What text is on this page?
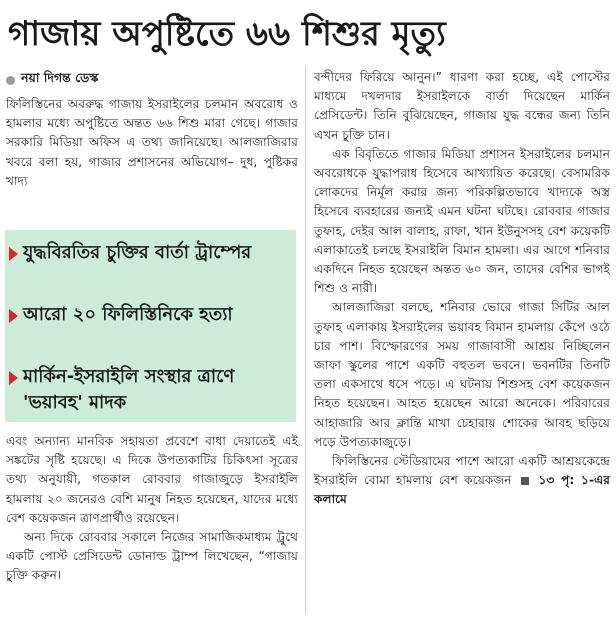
গাজায় অপুষ্টিতে ৬৬ শিশুর মৃত্যু
নয়া দিগন্ত ডেস্ক

ফিলিস্তিনের অবরুদ্ধ গাজায় ইসরাইলের চলমান অবরোধ ও হামলার মধ্যে অপুষ্টিতে অন্তত ৬৬ শিশু মারা গেছে। গাজার সরকারি মিডিয়া অফিস এ তথ্য জানিয়েছে। আলজাজিরার খবরে বলা হয়, গাজার প্রশাসনের অভিযোগ– দুধ, পুষ্টিকর খাদ্য

যুদ্ধবিরতির চুক্তির বার্তা ট্রাম্পের
আরো ২০ ফিলিস্তিনিকে হত্যা
মার্কিন-ইসরাইলি সংস্থার ত্রাণে 'ভয়াবহ' মাদক

এবং অন্যান্য মানবিক সহায়তা প্রবেশে বাধা দেয়াতেই এই সঙ্কটের সৃষ্টি হয়েছে। এ দিকে উপত্যকাটির চিকিৎসা সূত্রের তথ্য অনুযায়ী, গতকাল রোববার গাজাজুড়ে ইসরাইলি হামলায় ২০ জনেরও বেশি মানুষ নিহত হয়েছেন, যাদের মধ্যে বেশ কয়েকজন ত্রাণপ্রার্থীও রয়েছেন।

অন্য দিকে রোববার সকালে নিজের সামাজিকমাধ্যম ট্রুথে একটি পোস্ট প্রেসিডেন্ট ডোনাল্ড ট্রাম্প লিখেছেন, “গাজায় চুক্তি করুন।

বন্দীদের ফিরিয়ে আনুন।” ধারণা করা হচ্ছে, এই পোস্টের মাধ্যমে দখলদার ইসরাইলকে বার্তা দিয়েছেন মার্কিন প্রেসিডেন্ট। তিনি বুঝিয়েছেন, গাজায় যুদ্ধ বন্ধের জন্য তিনি এখন চুক্তি চান।

এক বিবৃতিতে গাজার মিডিয়া প্রশাসন ইসরাইলের চলমান অবরোধকে যুদ্ধাপরাধ হিসেবে আখ্যায়িত করেছে। বেসামরিক লোকদের নির্মূল করার জন্য পরিকল্পিতভাবে খাদ্যকে অস্ত্র হিসেবে ব্যবহারের জন্যই এমন ঘটনা ঘটছে। রোববার গাজার তুফাহ, দেইর আল বালাহ, রাফা, খান ইউনুসসহ বেশ কয়েকটি এলাকাতেই চলছে ইসরাইলি বিমান হামলা। এর আগে শনিবার একদিনে নিহত হয়েছেন অন্তত ৬০ জন, তাদের বেশির ভাগই শিশু ও নারী।

আলজাজিরা বলছে, শনিবার ভোরে গাজা সিটির আল তুফাহ এলাকায় ইসরাইলের ভয়াবহ বিমান হামলায় কেঁপে ওঠে চার পাশ। বিস্ফোরণের সময় গাজাবাসী আশ্রয় নিচ্ছিলেন জাফা স্কুলের পাশে একটি বহুতল ভবনে। ভবনটির তিনটি তলা একসাথে ধসে পড়ে। এ ঘটনায় শিশুসহ বেশ কয়েকজন নিহত হয়েছেন। আহত হয়েছেন আরো অনেকে। পরিবারের আহাজারি আর ক্লান্তি মাখা চেহারায় শোকের আবহ ছড়িয়ে পড়ে উপত্যকাজুড়ে।

ফিলিস্তিনের স্টেডিয়ামের পাশে আরো একটি আশ্রয়কেন্দ্রে ইসরাইলি বোমা হামলায় বেশ কয়েকজন ১৩ পৃ: ১-এর কলামে
